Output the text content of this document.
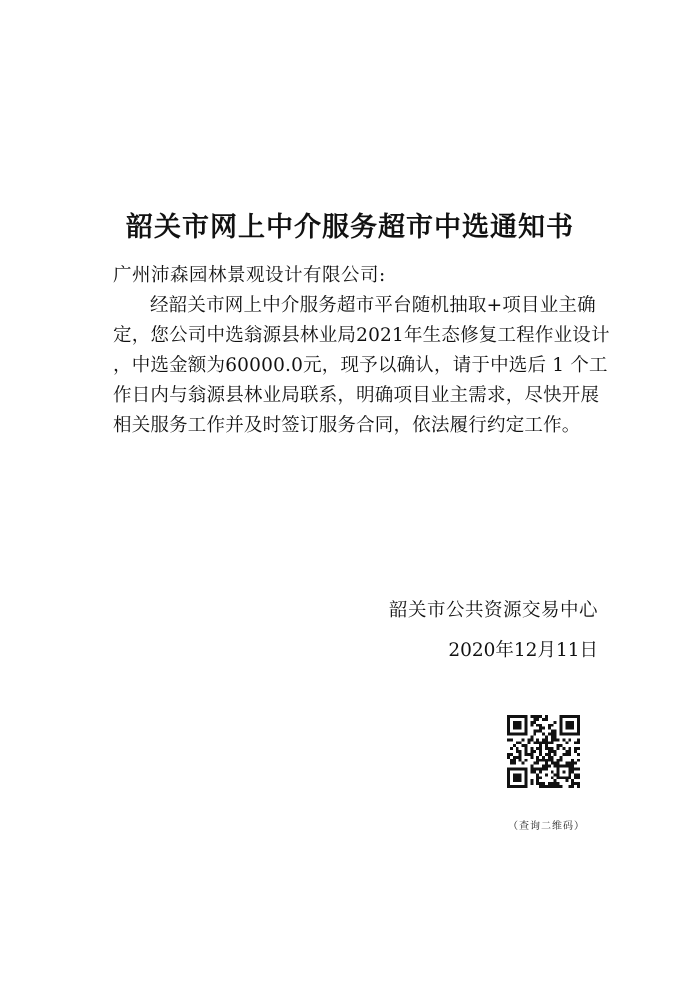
韶关市网上中介服务超市中选通知书
广州沛森园林景观设计有限公司:
经韶关市网上中介服务超市平台随机抽取+项目业主确
定，您公司中选翁源县林业局2021年生态修复工程作业设计
，中选金额为60000.0元，现予以确认，请于中选后 1 个工
作日内与翁源县林业局联系，明确项目业主需求，尽快开展
相关服务工作并及时签订服务合同，依法履行约定工作。
韶关市公共资源交易中心
2020年12月11日
（查询二维码）
